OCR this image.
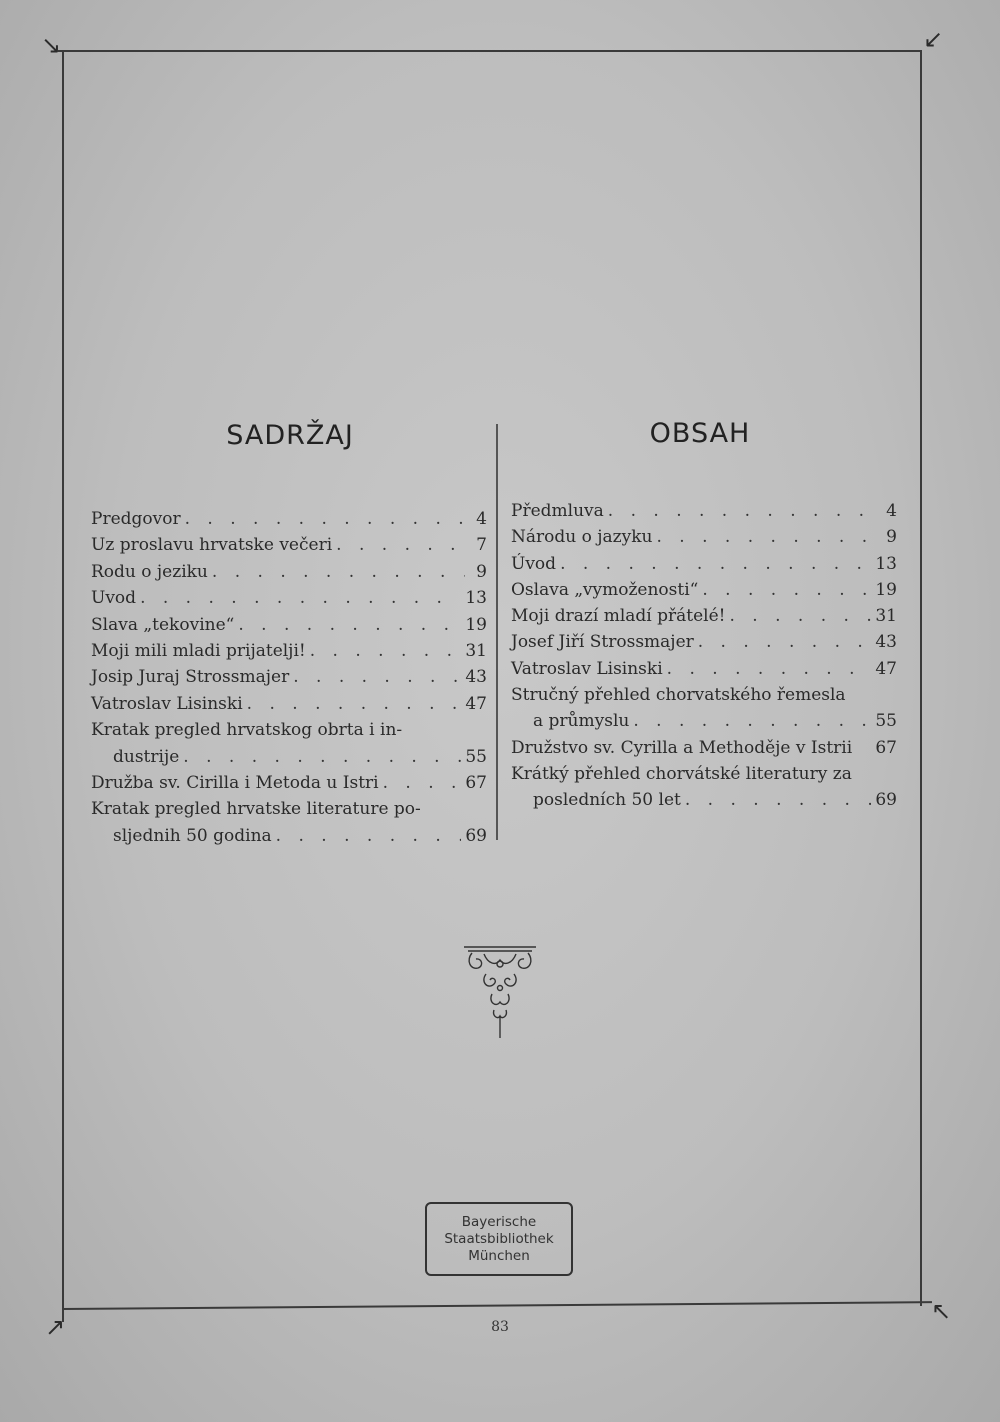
↘	↙
↗
↖
SADRŽAJ	OBSAH
Predgovor . . .	4
Uz proslavu hrvatske večeri . . .	7
Rodu o jeziku . . .	9
Uvod . . .	13
Slava „tekovine“ . . .	19
Moji mili mladi prijatelji! . . .	31
Josip Juraj Strossmajer . . .	43
Vatroslav Lisinski . . .	47
Kratak pregled hrvatskog obrta i in-
dustrije . . .	55
Družba sv. Cirilla i Metoda u Istri . . .	67
Kratak pregled hrvatske literature po-
sljednih 50 godina . . .	69
Předmluva . . .	4
Národu o jazyku . . .	9
Úvod . . .	13
Oslava „vymoženosti“ . . .	19
Moji drazí mladí přátelé! . . .	31
Josef Jiří Strossmajer . . .	43
Vatroslav Lisinski . . .	47
Stručný přehled chorvatského řemesla
a průmyslu . . .	55
Družstvo sv. Cyrilla a Methoděje v Istrii 67
Krátký přehled chorvátské literatury za
posledních 50 let . . .	69
Bayerische
Staatsbibliothek
München
83
